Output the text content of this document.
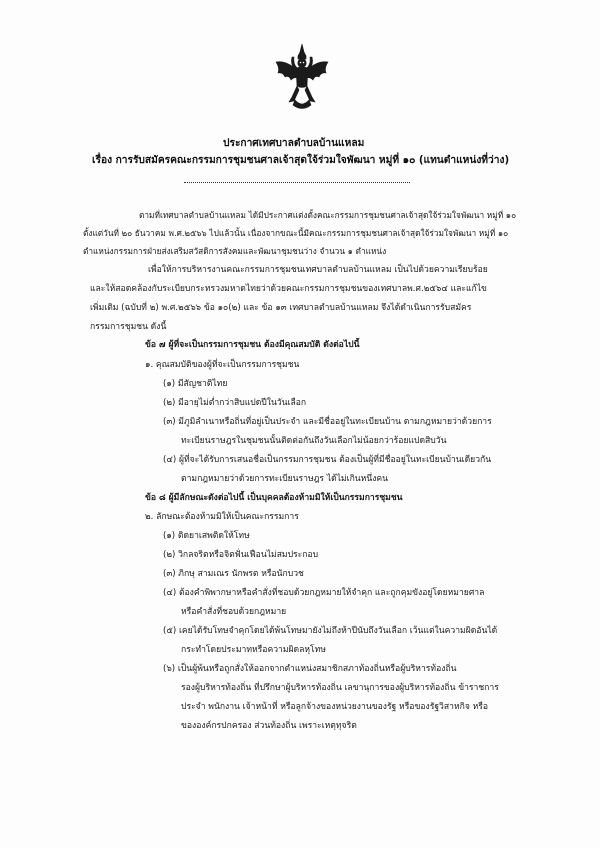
ประกาศเทศบาลตำบลบ้านแหลม
เรื่อง การรับสมัครคณะกรรมการชุมชนศาลเจ้าสุดใจ้ร่วมใจพัฒนา หมู่ที่ ๑๐ (แทนตำแหน่งที่ว่าง)
ตามที่เทศบาลตำบลบ้านแหลม ได้มีประกาศแต่งตั้งคณะกรรมการชุมชนศาลเจ้าสุดใจ้ร่วมใจพัฒนา หมู่ที่ ๑๐
ตั้งแต่วันที่ ๒๐ ธันวาคม พ.ศ.๒๕๖๖ ไปแล้วนั้น เนื่องจากขณะนี้มีคณะกรรมการชุมชนศาลเจ้าสุดใจ้ร่วมใจพัฒนา หมู่ที่ ๑๐
ตำแหน่งกรรมการฝ่ายส่งเสริมสวัสดิการสังคมและพัฒนาชุมชนว่าง จำนวน ๑ ตำแหน่ง
เพื่อให้การบริหารงานคณะกรรมการชุมชนเทศบาลตำบลบ้านแหลม เป็นไปด้วยความเรียบร้อย
และให้สอดคล้องกับระเบียบกระทรวงมหาดไทยว่าด้วยคณะกรรมการชุมชนของเทศบาลพ.ศ.๒๕๖๔ และแก้ไข
เพิ่มเติม (ฉบับที่ ๒) พ.ศ.๒๕๖๖ ข้อ ๑๐(๒) และ ข้อ ๑๓ เทศบาลตำบลบ้านแหลม จึงได้ดำเนินการรับสมัคร
กรรมการชุมชน ดังนี้
ข้อ ๗ ผู้ที่จะเป็นกรรมการชุมชน ต้องมีคุณสมบัติ ดังต่อไปนี้
๑. คุณสมบัติของผู้ที่จะเป็นกรรมการชุมชน
(๑) มีสัญชาติไทย
(๒) มีอายุไม่ต่ำกว่าสิบแปดปีในวันเลือก
(๓) มีภูมิลำเนาหรือถิ่นที่อยู่เป็นประจำ และมีชื่ออยู่ในทะเบียนบ้าน ตามกฎหมายว่าด้วยการ
ทะเบียนราษฎรในชุมชนนั้นติดต่อกันถึงวันเลือกไม่น้อยกว่าร้อยแปดสิบวัน
(๔) ผู้ที่จะได้รับการเสนอชื่อเป็นกรรมการชุมชน ต้องเป็นผู้ที่มีชื่ออยู่ในทะเบียนบ้านเดียวกัน
ตามกฎหมายว่าด้วยการทะเบียนราษฎร ได้ไม่เกินหนึ่งคน
ข้อ ๘ ผู้มีลักษณะดังต่อไปนี้ เป็นบุคคลต้องห้ามมิให้เป็นกรรมการชุมชน
๒. ลักษณะต้องห้ามมิให้เป็นคณะกรรมการ
(๑) ติดยาเสพติดให้โทษ
(๒) วิกลจริตหรือจิตฟั่นเฟือนไม่สมประกอบ
(๓) ภิกษุ สามเณร นักพรต หรือนักบวช
(๔) ต้องคำพิพากษาหรือคำสั่งที่ชอบด้วยกฎหมายให้จำคุก และถูกคุมขังอยู่โดยหมายศาล
หรือคำสั่งที่ชอบด้วยกฎหมาย
(๕) เคยได้รับโทษจำคุกโดยได้พ้นโทษมายังไม่ถึงห้าปีนับถึงวันเลือก เว้นแต่ในความผิดอันได้
กระทำโดยประมาทหรือความผิดลหุโทษ
(๖) เป็นผู้พ้นหรือถูกสั่งให้ออกจากตำแหน่งสมาชิกสภาท้องถิ่นหรือผู้บริหารท้องถิ่น
รองผู้บริหารท้องถิ่น ที่ปรึกษาผู้บริหารท้องถิ่น เลขานุการของผู้บริหารท้องถิ่น ข้าราชการ
ประจำ พนักงาน เจ้าหน้าที่ หรือลูกจ้างของหน่วยงานของรัฐ หรือของรัฐวิสาหกิจ หรือ
ขององค์กรปกครอง ส่วนท้องถิ่น เพราะเหตุทุจริต
